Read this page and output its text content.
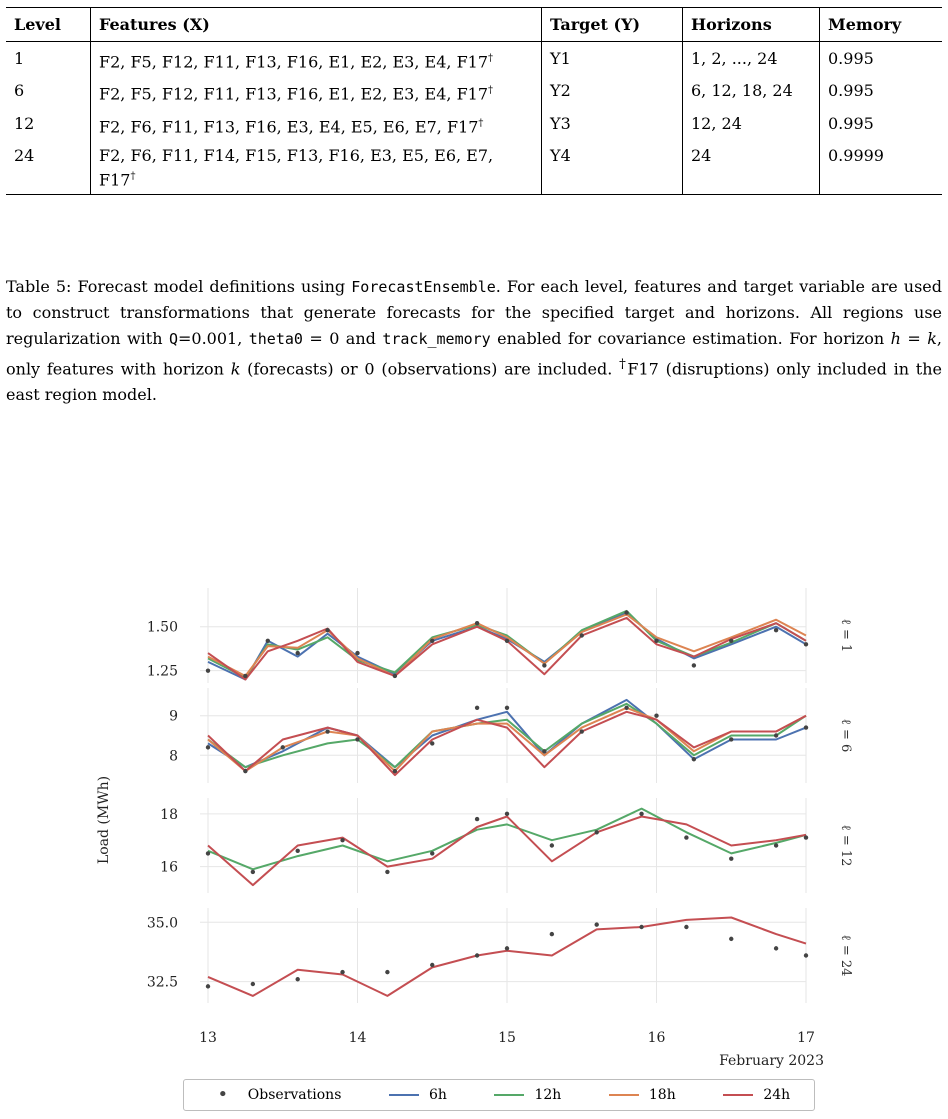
Level	Features (X)	Target (Y)	Horizons	Memory
1	F2, F5, F12, F11, F13, F16, E1, E2, E3, E4, F17†	Y1	1, 2, ..., 24	0.995
6	F2, F5, F12, F11, F13, F16, E1, E2, E3, E4, F17†	Y2	6, 12, 18, 24	0.995
12	F2, F6, F11, F13, F16, E3, E4, E5, E6, E7, F17†	Y3	12, 24	0.995
24	F2, F6, F11, F14, F15, F13, F16, E3, E5, E6, E7, F17†	Y4	24	0.9999
Table 5: Forecast model definitions using ForecastEnsemble. For each level, features and target variable are used to construct transformations that generate forecasts for the specified target and horizons. All regions use regularization with Q=0.001, theta0 = 0 and track_memory enabled for covariance estimation. For horizon h = k, only features with horizon k (forecasts) or 0 (observations) are included. †F17 (disruptions) only included in the east region model.
Load (MWh)
February 2023
1.25
1.50	ℓ = 1
8
9
ℓ = 6
16
18
ℓ = 12
32.5
35.0
ℓ = 24
13	14	15	16	17
•	Observations	6h	12h	18h	24h
